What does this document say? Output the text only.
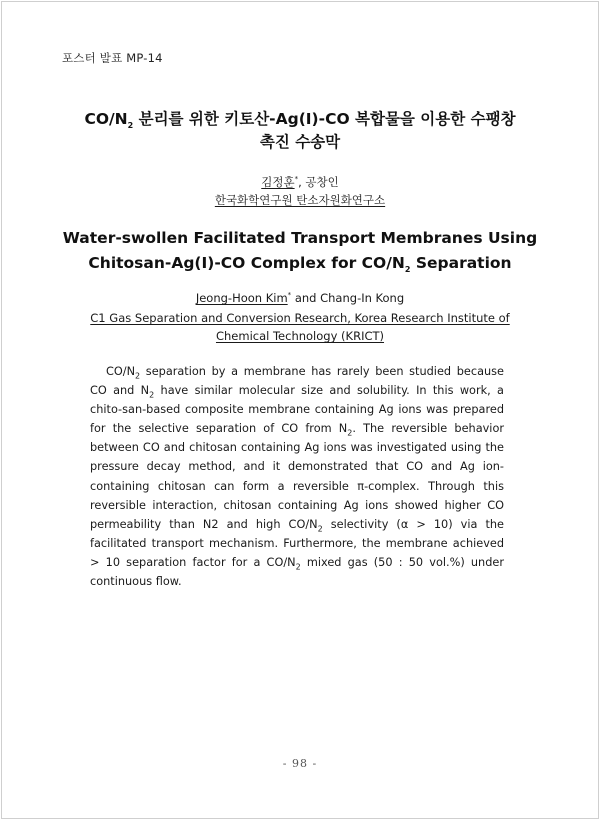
포스터 발표 MP-14
$CO/N_2$ 분리를 위한 키토산-Ag(I)-CO 복합물을 이용한 수팽창
촉진 수송막
김정훈*, 공창인
한국화학연구원 탄소자원화연구소
Water-swollen Facilitated Transport Membranes Using
Chitosan-Ag(I)-CO Complex for $CO/N_2$ Separation
Jeong-Hoon Kim* and Chang-In Kong
C1 Gas Separation and Conversion Research, Korea Research Institute of
Chemical Technology (KRICT)
$CO/N_2$ separation by a membrane has rarely been studied because CO and $N_2$ have similar molecular size and solubility. In this work, a chito-san-based composite membrane containing Ag ions was prepared for the selective separation of CO from $N_2$. The reversible behavior between CO and chitosan containing Ag ions was investigated using the pressure decay method, and it demonstrated that CO and Ag ion-containing chitosan can form a reversible π-complex. Through this reversible interaction, chitosan containing Ag ions showed higher CO permeability than N2 and high $CO/N_2$ selectivity (α > 10) via the facilitated transport mechanism. Furthermore, the membrane achieved > 10 separation factor for a $CO/N_2$ mixed gas (50 : 50 vol.%) under continuous flow.
- 98 -
